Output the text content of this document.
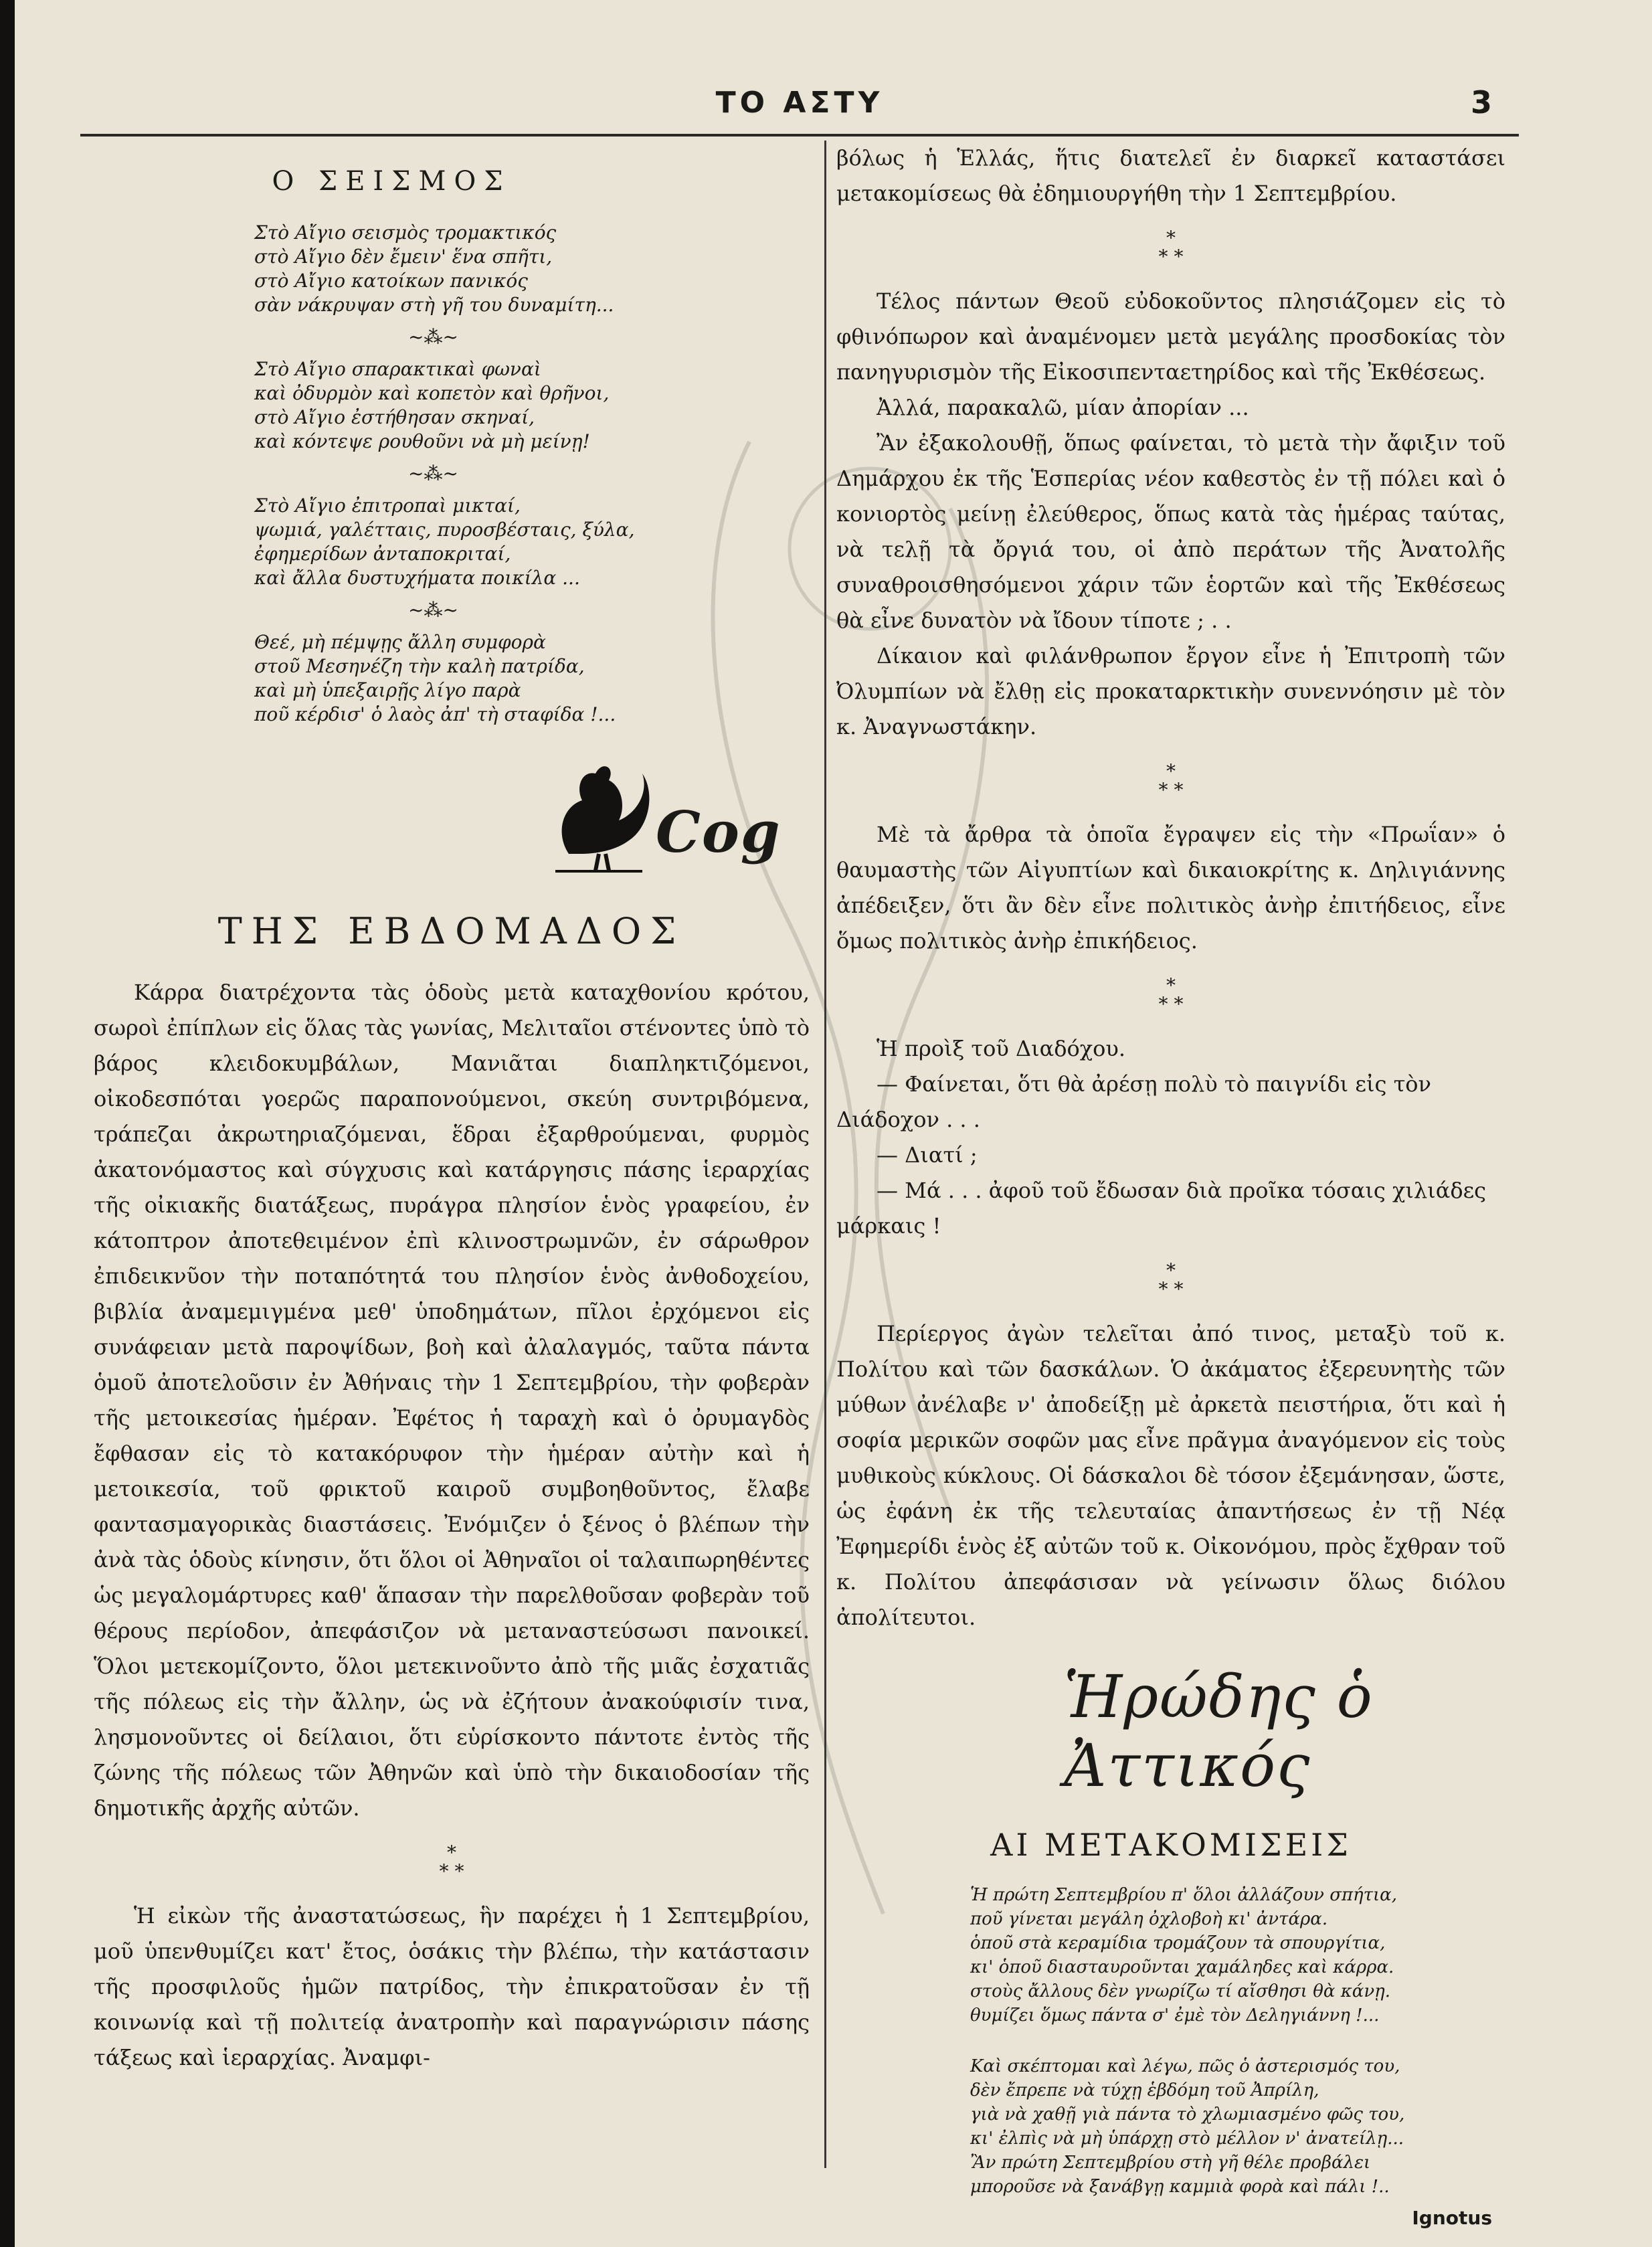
ΤΟ ΑΣΤΥ	3
Ο ΣΕΙΣΜΟΣ
Στὸ Αἴγιο σεισμὸς τρομακτικός
στὸ Αἴγιο δὲν ἔμειν' ἕνα σπῆτι,
στὸ Αἴγιο κατοίκων πανικός
σὰν νάκρυψαν στὴ γῆ του δυναμίτη...
~⁂~
Στὸ Αἴγιο σπαρακτικαὶ φωναὶ
καὶ ὀδυρμὸν καὶ κοπετὸν καὶ θρῆνοι,
στὸ Αἴγιο ἐστήθησαν σκηναί,
καὶ κόντεψε ρουθοῦνι νὰ μὴ μείνῃ!
~⁂~
Στὸ Αἴγιο ἐπιτροπαὶ μικταί,
ψωμιά, γαλέτταις, πυροσβέσταις, ξύλα,
ἐφημερίδων ἀνταποκριταί,
καὶ ἄλλα δυστυχήματα ποικίλα ...
~⁂~
Θεέ, μὴ πέμψῃς ἄλλη συμφορὰ
στοῦ Μεσηνέζη τὴν καλὴ πατρίδα,
καὶ μὴ ὑπεξαιρῇς λίγο παρὰ
ποῦ κέρδισ' ὁ λαὸς ἀπ' τὴ σταφίδα !...
Cog
ΤΗΣ ΕΒΔΟΜΑΔΟΣ

Κάρρα διατρέχοντα τὰς ὁδοὺς μετὰ καταχθονίου κρότου, σωροὶ ἐπίπλων εἰς ὅλας τὰς γωνίας, Μελιταῖοι στένοντες ὑπὸ τὸ βάρος κλειδοκυμβάλων, Μανιᾶται διαπληκτιζόμενοι, οἰκοδεσπόται γοερῶς παραπονούμενοι, σκεύη συντριβόμενα, τράπεζαι ἀκρωτηριαζόμεναι, ἕδραι ἐξαρθρούμεναι, φυρμὸς ἀκατονόμαστος καὶ σύγχυσις καὶ κατάργησις πάσης ἱεραρχίας τῆς οἰκιακῆς διατάξεως, πυράγρα πλησίον ἑνὸς γραφείου, ἐν κάτοπτρον ἀποτεθειμένον ἐπὶ κλινοστρωμνῶν, ἐν σάρωθρον ἐπιδεικνῦον τὴν ποταπότητά του πλησίον ἑνὸς ἀνθοδοχείου, βιβλία ἀναμεμιγμένα μεθ' ὑποδημάτων, πῖλοι ἐρχόμενοι εἰς συνάφειαν μετὰ παροψίδων, βοὴ καὶ ἀλαλαγμός, ταῦτα πάντα ὁμοῦ ἀποτελοῦσιν ἐν Ἀθήναις τὴν 1 Σεπτεμβρίου, τὴν φοβερὰν τῆς μετοικεσίας ἡμέραν. Ἐφέτος ἡ ταραχὴ καὶ ὁ ὀρυμαγδὸς ἔφθασαν εἰς τὸ κατακόρυφον τὴν ἡμέραν αὐτὴν καὶ ἡ μετοικεσία, τοῦ φρικτοῦ καιροῦ συμβοηθοῦντος, ἔλαβε φαντασμαγορικὰς διαστάσεις. Ἐνόμιζεν ὁ ξένος ὁ βλέπων τὴν ἀνὰ τὰς ὁδοὺς κίνησιν, ὅτι ὅλοι οἱ Ἀθηναῖοι οἱ ταλαιπωρηθέντες ὡς μεγαλομάρτυρες καθ' ἅπασαν τὴν παρελθοῦσαν φοβερὰν τοῦ θέρους περίοδον, ἀπεφάσιζον νὰ μεταναστεύσωσι πανοικεί. Ὅλοι μετεκομίζοντο, ὅλοι μετεκινοῦντο ἀπὸ τῆς μιᾶς ἐσχατιᾶς τῆς πόλεως εἰς τὴν ἄλλην, ὡς νὰ ἐζήτουν ἀνακούφισίν τινα, λησμονοῦντες οἱ δείλαιοι, ὅτι εὑρίσκοντο πάντοτε ἐντὸς τῆς ζώνης τῆς πόλεως τῶν Ἀθηνῶν καὶ ὑπὸ τὴν δικαιοδοσίαν τῆς δημοτικῆς ἀρχῆς αὐτῶν.

*
* *

Ἡ εἰκὼν τῆς ἀναστατώσεως, ἣν παρέχει ἡ 1 Σεπτεμβρίου, μοῦ ὑπενθυμίζει κατ' ἔτος, ὁσάκις τὴν βλέπω, τὴν κατάστασιν τῆς προσφιλοῦς ἡμῶν πατρίδος, τὴν ἐπικρατοῦσαν ἐν τῇ κοινωνίᾳ καὶ τῇ πολιτείᾳ ἀνατροπὴν καὶ παραγνώρισιν πάσης τάξεως καὶ ἱεραρχίας. Ἀναμφι-

βόλως ἡ Ἑλλάς, ἥτις διατελεῖ ἐν διαρκεῖ καταστάσει μετακομίσεως θὰ ἐδημιουργήθη τὴν 1 Σεπτεμβρίου.

*
* *

Τέλος πάντων Θεοῦ εὐδοκοῦντος πλησιάζομεν εἰς τὸ φθινόπωρον καὶ ἀναμένομεν μετὰ μεγάλης προσδοκίας τὸν πανηγυρισμὸν τῆς Εἰκοσιπενταετηρίδος καὶ τῆς Ἐκθέσεως.

Ἀλλά, παρακαλῶ, μίαν ἀπορίαν ...

Ἂν ἐξακολουθῇ, ὅπως φαίνεται, τὸ μετὰ τὴν ἄφιξιν τοῦ Δημάρχου ἐκ τῆς Ἑσπερίας νέον καθεστὸς ἐν τῇ πόλει καὶ ὁ κονιορτὸς μείνῃ ἐλεύθερος, ὅπως κατὰ τὰς ἡμέρας ταύτας, νὰ τελῇ τὰ ὄργιά του, οἱ ἀπὸ περάτων τῆς Ἀνατολῆς συναθροισθησόμενοι χάριν τῶν ἑορτῶν καὶ τῆς Ἐκθέσεως θὰ εἶνε δυνατὸν νὰ ἴδουν τίποτε ; . .

Δίκαιον καὶ φιλάνθρωπον ἔργον εἶνε ἡ Ἐπιτροπὴ τῶν Ὀλυμπίων νὰ ἔλθῃ εἰς προκαταρκτικὴν συνεννόησιν μὲ τὸν κ. Ἀναγνωστάκην.

*
* *

Μὲ τὰ ἄρθρα τὰ ὁποῖα ἔγραψεν εἰς τὴν «Πρωΐαν» ὁ θαυμαστὴς τῶν Αἰγυπτίων καὶ δικαιοκρίτης κ. Δηλιγιάννης ἀπέδειξεν, ὅτι ἂν δὲν εἶνε πολιτικὸς ἀνὴρ ἐπιτήδειος, εἶνε ὅμως πολιτικὸς ἀνὴρ ἐπικήδειος.

*
* *

Ἡ προὶξ τοῦ Διαδόχου.

— Φαίνεται, ὅτι θὰ ἀρέσῃ πολὺ τὸ παιγνίδι εἰς τὸν Διάδοχον . . .

— Διατί ;

— Μά . . . ἀφοῦ τοῦ ἔδωσαν διὰ προῖκα τόσαις χιλιάδες μάρκαις !

*
* *

Περίεργος ἀγὼν τελεῖται ἀπό τινος, μεταξὺ τοῦ κ. Πολίτου καὶ τῶν δασκάλων. Ὁ ἀκάματος ἐξερευνητὴς τῶν μύθων ἀνέλαβε ν' ἀποδείξῃ μὲ ἀρκετὰ πειστήρια, ὅτι καὶ ἡ σοφία μερικῶν σοφῶν μας εἶνε πρᾶγμα ἀναγόμενον εἰς τοὺς μυθικοὺς κύκλους. Οἱ δάσκαλοι δὲ τόσον ἐξεμάνησαν, ὥστε, ὡς ἐφάνη ἐκ τῆς τελευταίας ἀπαντήσεως ἐν τῇ Νέᾳ Ἐφημερίδι ἑνὸς ἐξ αὐτῶν τοῦ κ. Οἰκονόμου, πρὸς ἔχθραν τοῦ κ. Πολίτου ἀπεφάσισαν νὰ γείνωσιν ὅλως διόλου ἀπολίτευτοι.

Ἡρώδης ὁ Ἀττικός
ΑΙ ΜΕΤΑΚΟΜΙΣΕΙΣ
Ἡ πρώτη Σεπτεμβρίου π' ὅλοι ἀλλάζουν σπήτια,
ποῦ γίνεται μεγάλη ὀχλοβοὴ κι' ἀντάρα.
ὁποῦ στὰ κεραμίδια τρομάζουν τὰ σπουργίτια,
κι' ὁποῦ διασταυροῦνται χαμάληδες καὶ κάρρα.
στοὺς ἄλλους δὲν γνωρίζω τί αἴσθησι θὰ κάνῃ.
θυμίζει ὅμως πάντα σ' ἐμὲ τὸν Δεληγιάννη !...
Καὶ σκέπτομαι καὶ λέγω, πῶς ὁ ἀστερισμός του,
δὲν ἔπρεπε νὰ τύχῃ ἑβδόμη τοῦ Ἀπρίλη,
γιὰ νὰ χαθῇ γιὰ πάντα τὸ χλωμιασμένο φῶς του,
κι' ἐλπὶς νὰ μὴ ὑπάρχῃ στὸ μέλλον ν' ἀνατείλῃ...
Ἂν πρώτη Σεπτεμβρίου στὴ γῆ θέλε προβάλει
μποροῦσε νὰ ξανάβγῃ καμμιὰ φορὰ καὶ πάλι !..
Ignotus
